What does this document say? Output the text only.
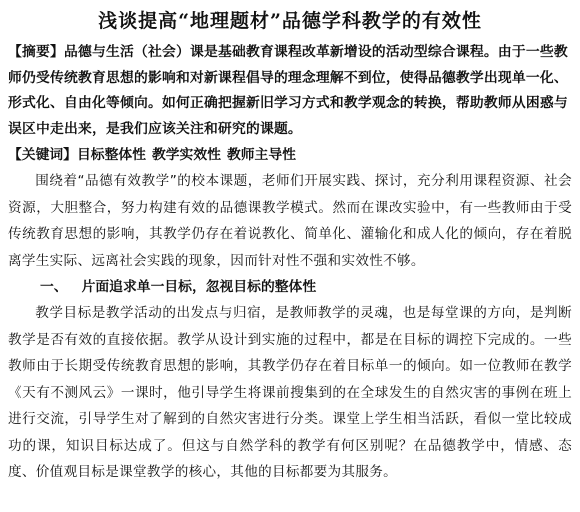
浅谈提高“地理题材”品德学科教学的有效性

【摘要】品德与生活（社会）课是基础教育课程改革新增设的活动型综合课程。由于一些教师仍受传统教育思想的影响和对新课程倡导的理念理解不到位，使得品德教学出现单一化、形式化、自由化等倾向。如何正确把握新旧学习方式和教学观念的转换，帮助教师从困惑与误区中走出来，是我们应该关注和研究的课题。

【关键词】目标整体性 教学实效性 教师主导性

围绕着“品德有效教学”的校本课题，老师们开展实践、探讨，充分利用课程资源、社会资源，大胆整合，努力构建有效的品德课教学模式。然而在课改实验中，有一些教师由于受传统教育思想的影响，其教学仍存在着说教化、简单化、灌输化和成人化的倾向，存在着脱离学生实际、远离社会实践的现象，因而针对性不强和实效性不够。

一、 片面追求单一目标，忽视目标的整体性

教学目标是教学活动的出发点与归宿，是教师教学的灵魂，也是每堂课的方向，是判断教学是否有效的直接依据。教学从设计到实施的过程中，都是在目标的调控下完成的。一些教师由于长期受传统教育思想的影响，其教学仍存在着目标单一的倾向。如一位教师在教学《天有不测风云》一课时，他引导学生将课前搜集到的在全球发生的自然灾害的事例在班上进行交流，引导学生对了解到的自然灾害进行分类。课堂上学生相当活跃，看似一堂比较成功的课，知识目标达成了。但这与自然学科的教学有何区别呢？在品德教学中，情感、态度、价值观目标是课堂教学的核心，其他的目标都要为其服务。
